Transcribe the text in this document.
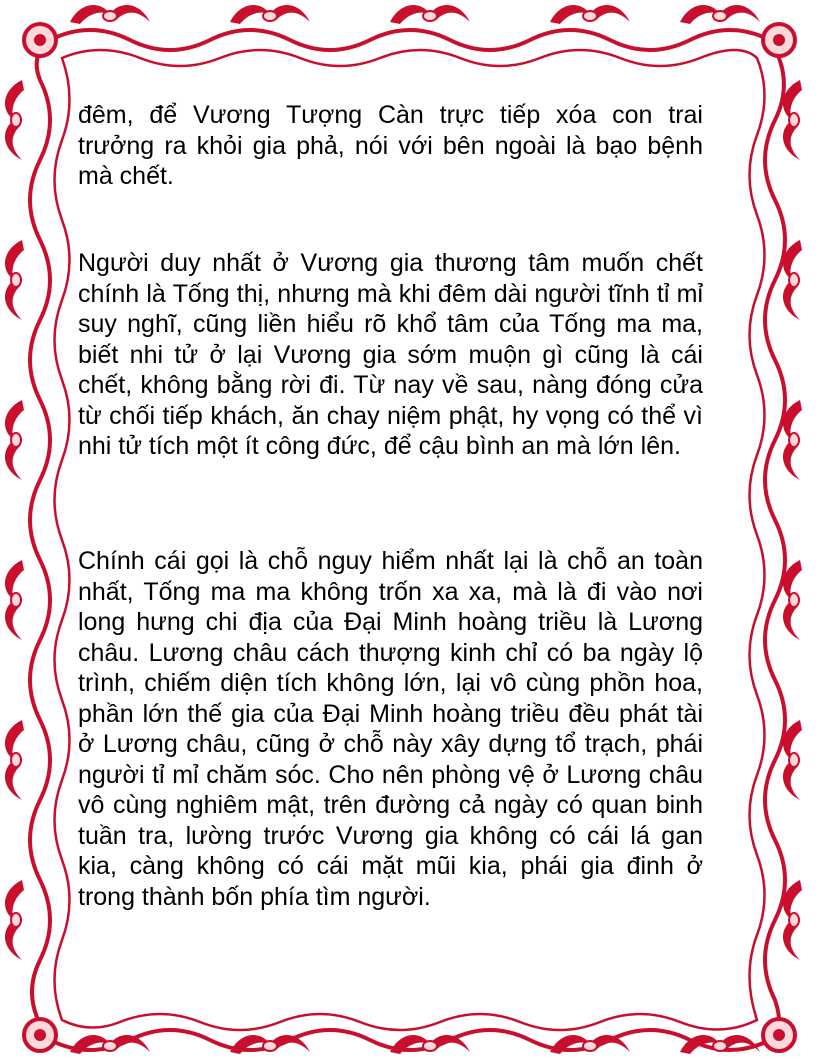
đêm, để Vương Tượng Càn trực tiếp xóa con trai trưởng ra khỏi gia phả, nói với bên ngoài là bạo bệnh mà chết.

Người duy nhất ở Vương gia thương tâm muốn chết chính là Tống thị, nhưng mà khi đêm dài người tĩnh tỉ mỉ suy nghĩ, cũng liền hiểu rõ khổ tâm của Tống ma ma, biết nhi tử ở lại Vương gia sớm muộn gì cũng là cái chết, không bằng rời đi. Từ nay về sau, nàng đóng cửa từ chối tiếp khách, ăn chay niệm phật, hy vọng có thể vì nhi tử tích một ít công đức, để cậu bình an mà lớn lên.

Chính cái gọi là chỗ nguy hiểm nhất lại là chỗ an toàn nhất, Tống ma ma không trốn xa xa, mà là đi vào nơi long hưng chi địa của Đại Minh hoàng triều là Lương châu. Lương châu cách thượng kinh chỉ có ba ngày lộ trình, chiếm diện tích không lớn, lại vô cùng phồn hoa, phần lớn thế gia của Đại Minh hoàng triều đều phát tài ở Lương châu, cũng ở chỗ này xây dựng tổ trạch, phái người tỉ mỉ chăm sóc. Cho nên phòng vệ ở Lương châu vô cùng nghiêm mật, trên đường cả ngày có quan binh tuần tra, lường trước Vương gia không có cái lá gan kia, càng không có cái mặt mũi kia, phái gia đinh ở trong thành bốn phía tìm người.
